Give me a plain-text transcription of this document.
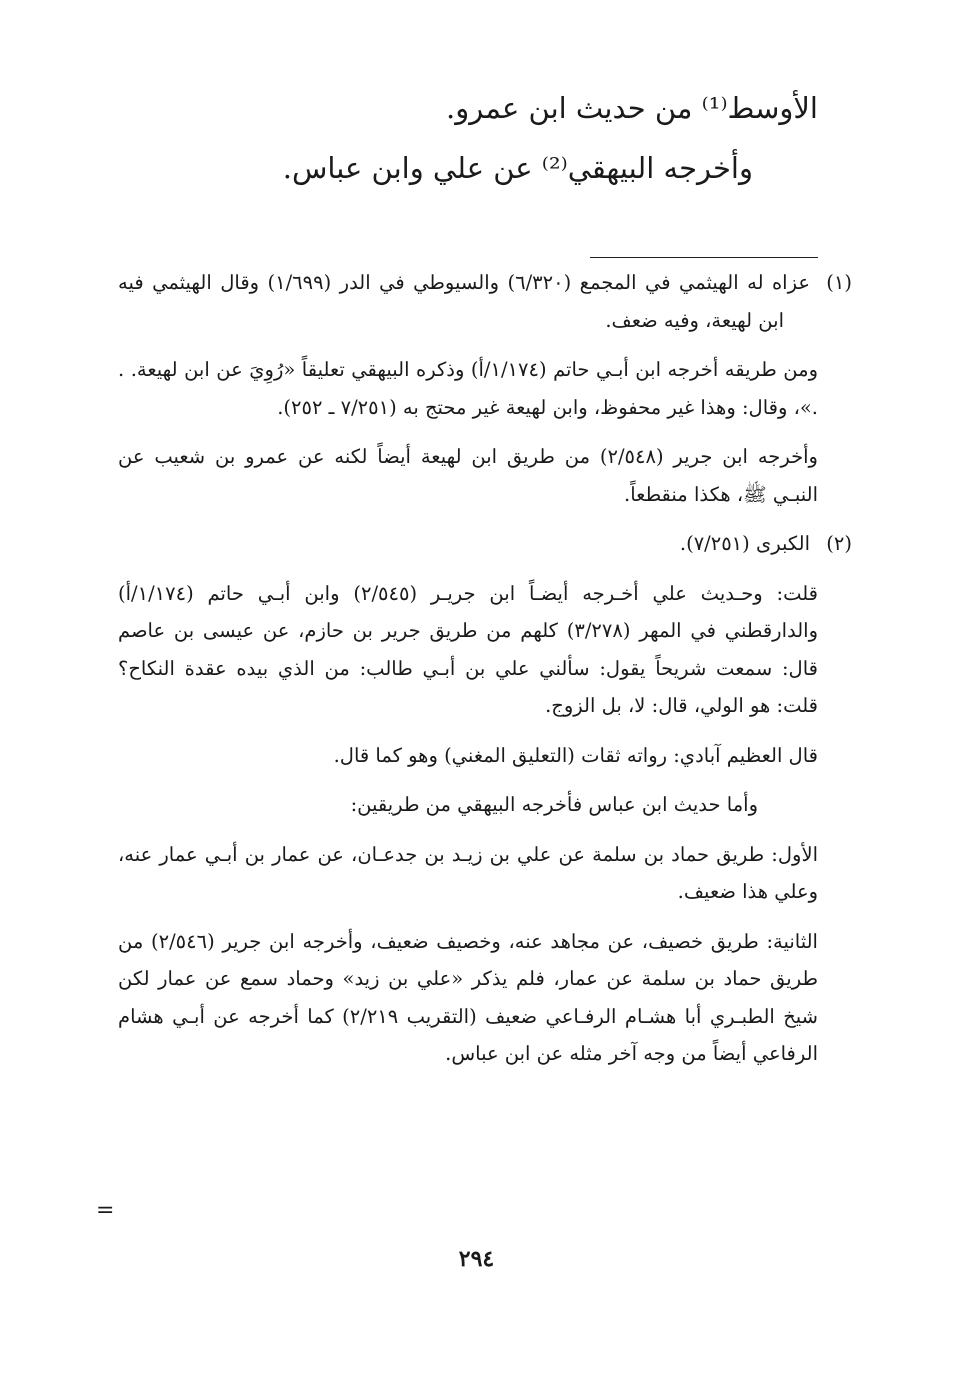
الأوسط⁽¹⁾ من حديث ابن عمرو.
وأخرجه البيهقي⁽²⁾ عن علي وابن عباس.

(١)عزاه له الهيثمي في المجمع (٦/٣٢٠) والسيوطي في الدر (١/٦٩٩) وقال الهيثمي فيه ابن لهيعة، وفيه ضعف.

ومن طريقه أخرجه ابن أبـي حاتم (١/١٧٤/أ) وذكره البيهقي تعليقاً «رُوِيَ عن ابن لهيعة. . .»، وقال: وهذا غير محفوظ، وابن لهيعة غير محتج به (٧/٢٥١ ـ ٢٥٢).

وأخرجه ابن جرير (٢/٥٤٨) من طريق ابن لهيعة أيضاً لكنه عن عمرو بن شعيب عن النبـي ﷺ، هكذا منقطعاً.

(٢)الكبرى (٧/٢٥١).

قلت: وحـديث علي أخـرجه أيضـاً ابن جريـر (٢/٥٤٥) وابن أبـي حاتم (١/١٧٤/أ) والدارقطني في المهر (٣/٢٧٨) كلهم من طريق جرير بن حازم، عن عيسى بن عاصم قال: سمعت شريحاً يقول: سألني علي بن أبـي طالب: من الذي بيده عقدة النكاح؟ قلت: هو الولي، قال: لا، بل الزوج.

قال العظيم آبادي: رواته ثقات (التعليق المغني) وهو كما قال.

وأما حديث ابن عباس فأخرجه البيهقي من طريقين:

الأول: طريق حماد بن سلمة عن علي بن زيـد بن جدعـان، عن عمار بن أبـي عمار عنه، وعلي هذا ضعيف.

الثانية: طريق خصيف، عن مجاهد عنه، وخصيف ضعيف، وأخرجه ابن جرير (٢/٥٤٦) من طريق حماد بن سلمة عن عمار، فلم يذكر «علي بن زيد» وحماد سمع عن عمار لكن شيخ الطبـري أبا هشـام الرفـاعي ضعيف (التقريب ٢/٢١٩) كما أخرجه عن أبـي هشام الرفاعي أيضاً من وجه آخر مثله عن ابن عباس.

=
٢٩٤
